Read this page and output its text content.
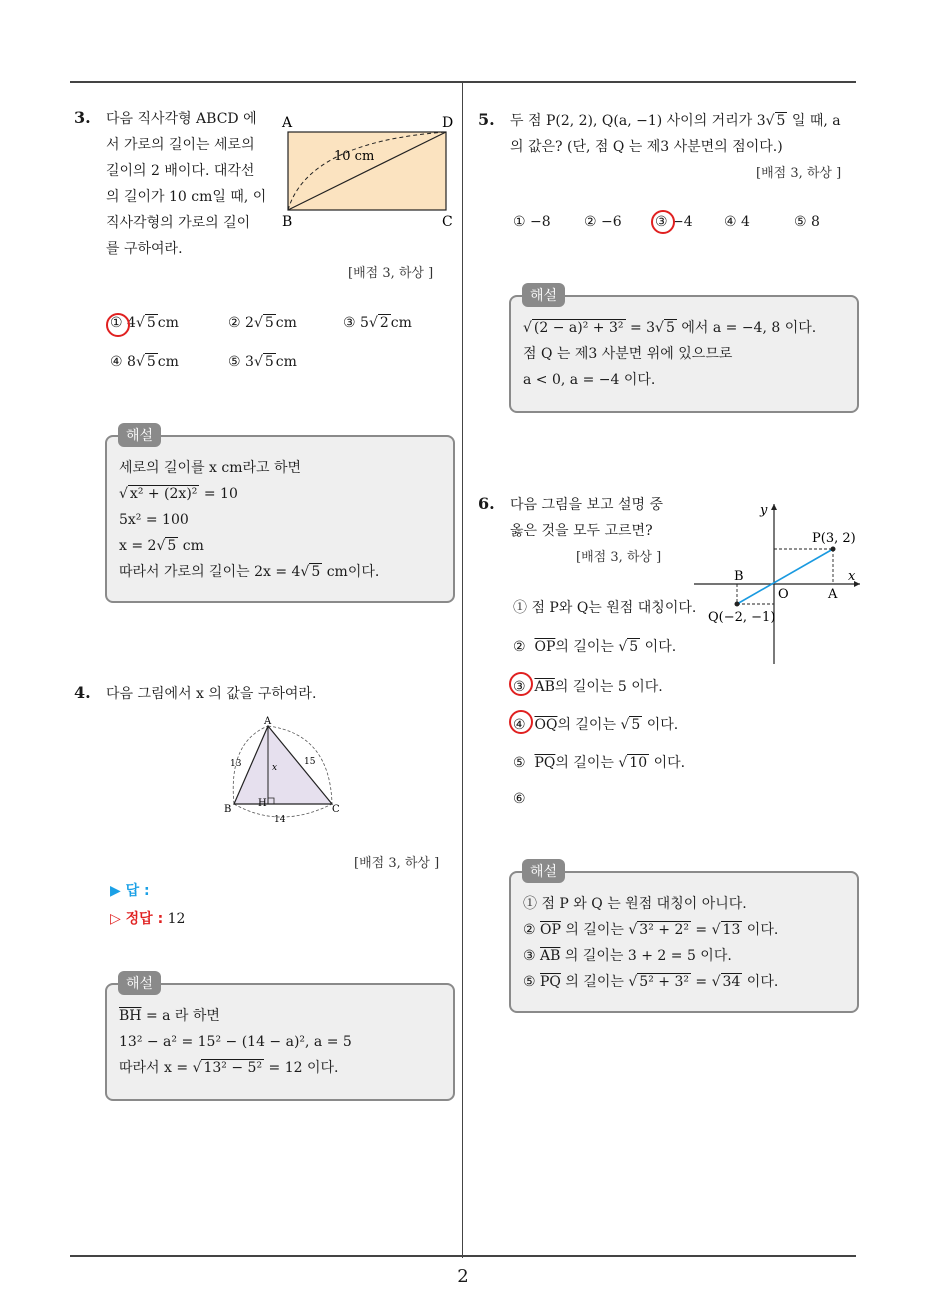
3. 다음 직사각형 ABCD 에
서 가로의 길이는 세로의
길이의 2 배이다. 대각선
의 길이가 10 cm일 때, 이
직사각형의 가로의 길이
를 구하여라.
A	D
B	C
10 cm
[배점 3, 하상 ]
① 4√ 5 cm	② 2√ 5 cm	③ 5√ 2 cm
④ 8√ 5 cm	⑤ 3√ 5 cm
세로의 길이를 x cm라고 하면
√ x² + (2x)² = 10
5x² = 100
x = 2√ 5 cm
따라서 가로의 길이는 2x = 4√ 5 cm이다.
해설
4. 다음 그림에서 x 의 값을 구하여라.
A
B	C
H
13	15
14
x
[배점 3, 하상 ]
▶ 답 :
▷ 정답 : 12
$\overline{BH} = a$ 라 하면
13² − a² = 15² − (14 − a)², a = 5
따라서 x = √ 13² − 5² = 12 이다.
해설
5. 두 점 P(2, 2), Q(a, −1) 사이의 거리가 3√ 5 일 때, a
의 값은? (단, 점 Q 는 제3 사분면의 점이다.)
[배점 3, 하상 ]
① −8 ② −6 ③ −4 ④ 4	⑤ 8
√ (2 − a)² + 3² = 3√ 5 에서 a = −4, 8 이다.
점 Q 는 제3 사분면 위에 있으므로
a < 0, a = −4 이다.
해설
6. 다음 그림을 보고 설명 중
옳은 것을 모두 고르면?
[배점 3, 하상 ]
y
x
P(3, 2)
Q(−2, −1)
O	A
B
① 점 P와 Q는 원점 대칭이다.
② $\overline{OP}$의 길이는 √ 5 이다.
③ $\overline{AB}$의 길이는 5 이다.
④ $\overline{OQ}$의 길이는 √ 5 이다.
⑤ $\overline{PQ}$의 길이는 √ 10 이다.
⑥
① 점 P 와 Q 는 원점 대칭이 아니다.
② $\overline{OP}$ 의 길이는 √ 3² + 2² = √ 13 이다.
③ $\overline{AB}$ 의 길이는 3 + 2 = 5 이다.
⑤ $\overline{PQ}$ 의 길이는 √ 5² + 3² = √ 34 이다.
해설
2
